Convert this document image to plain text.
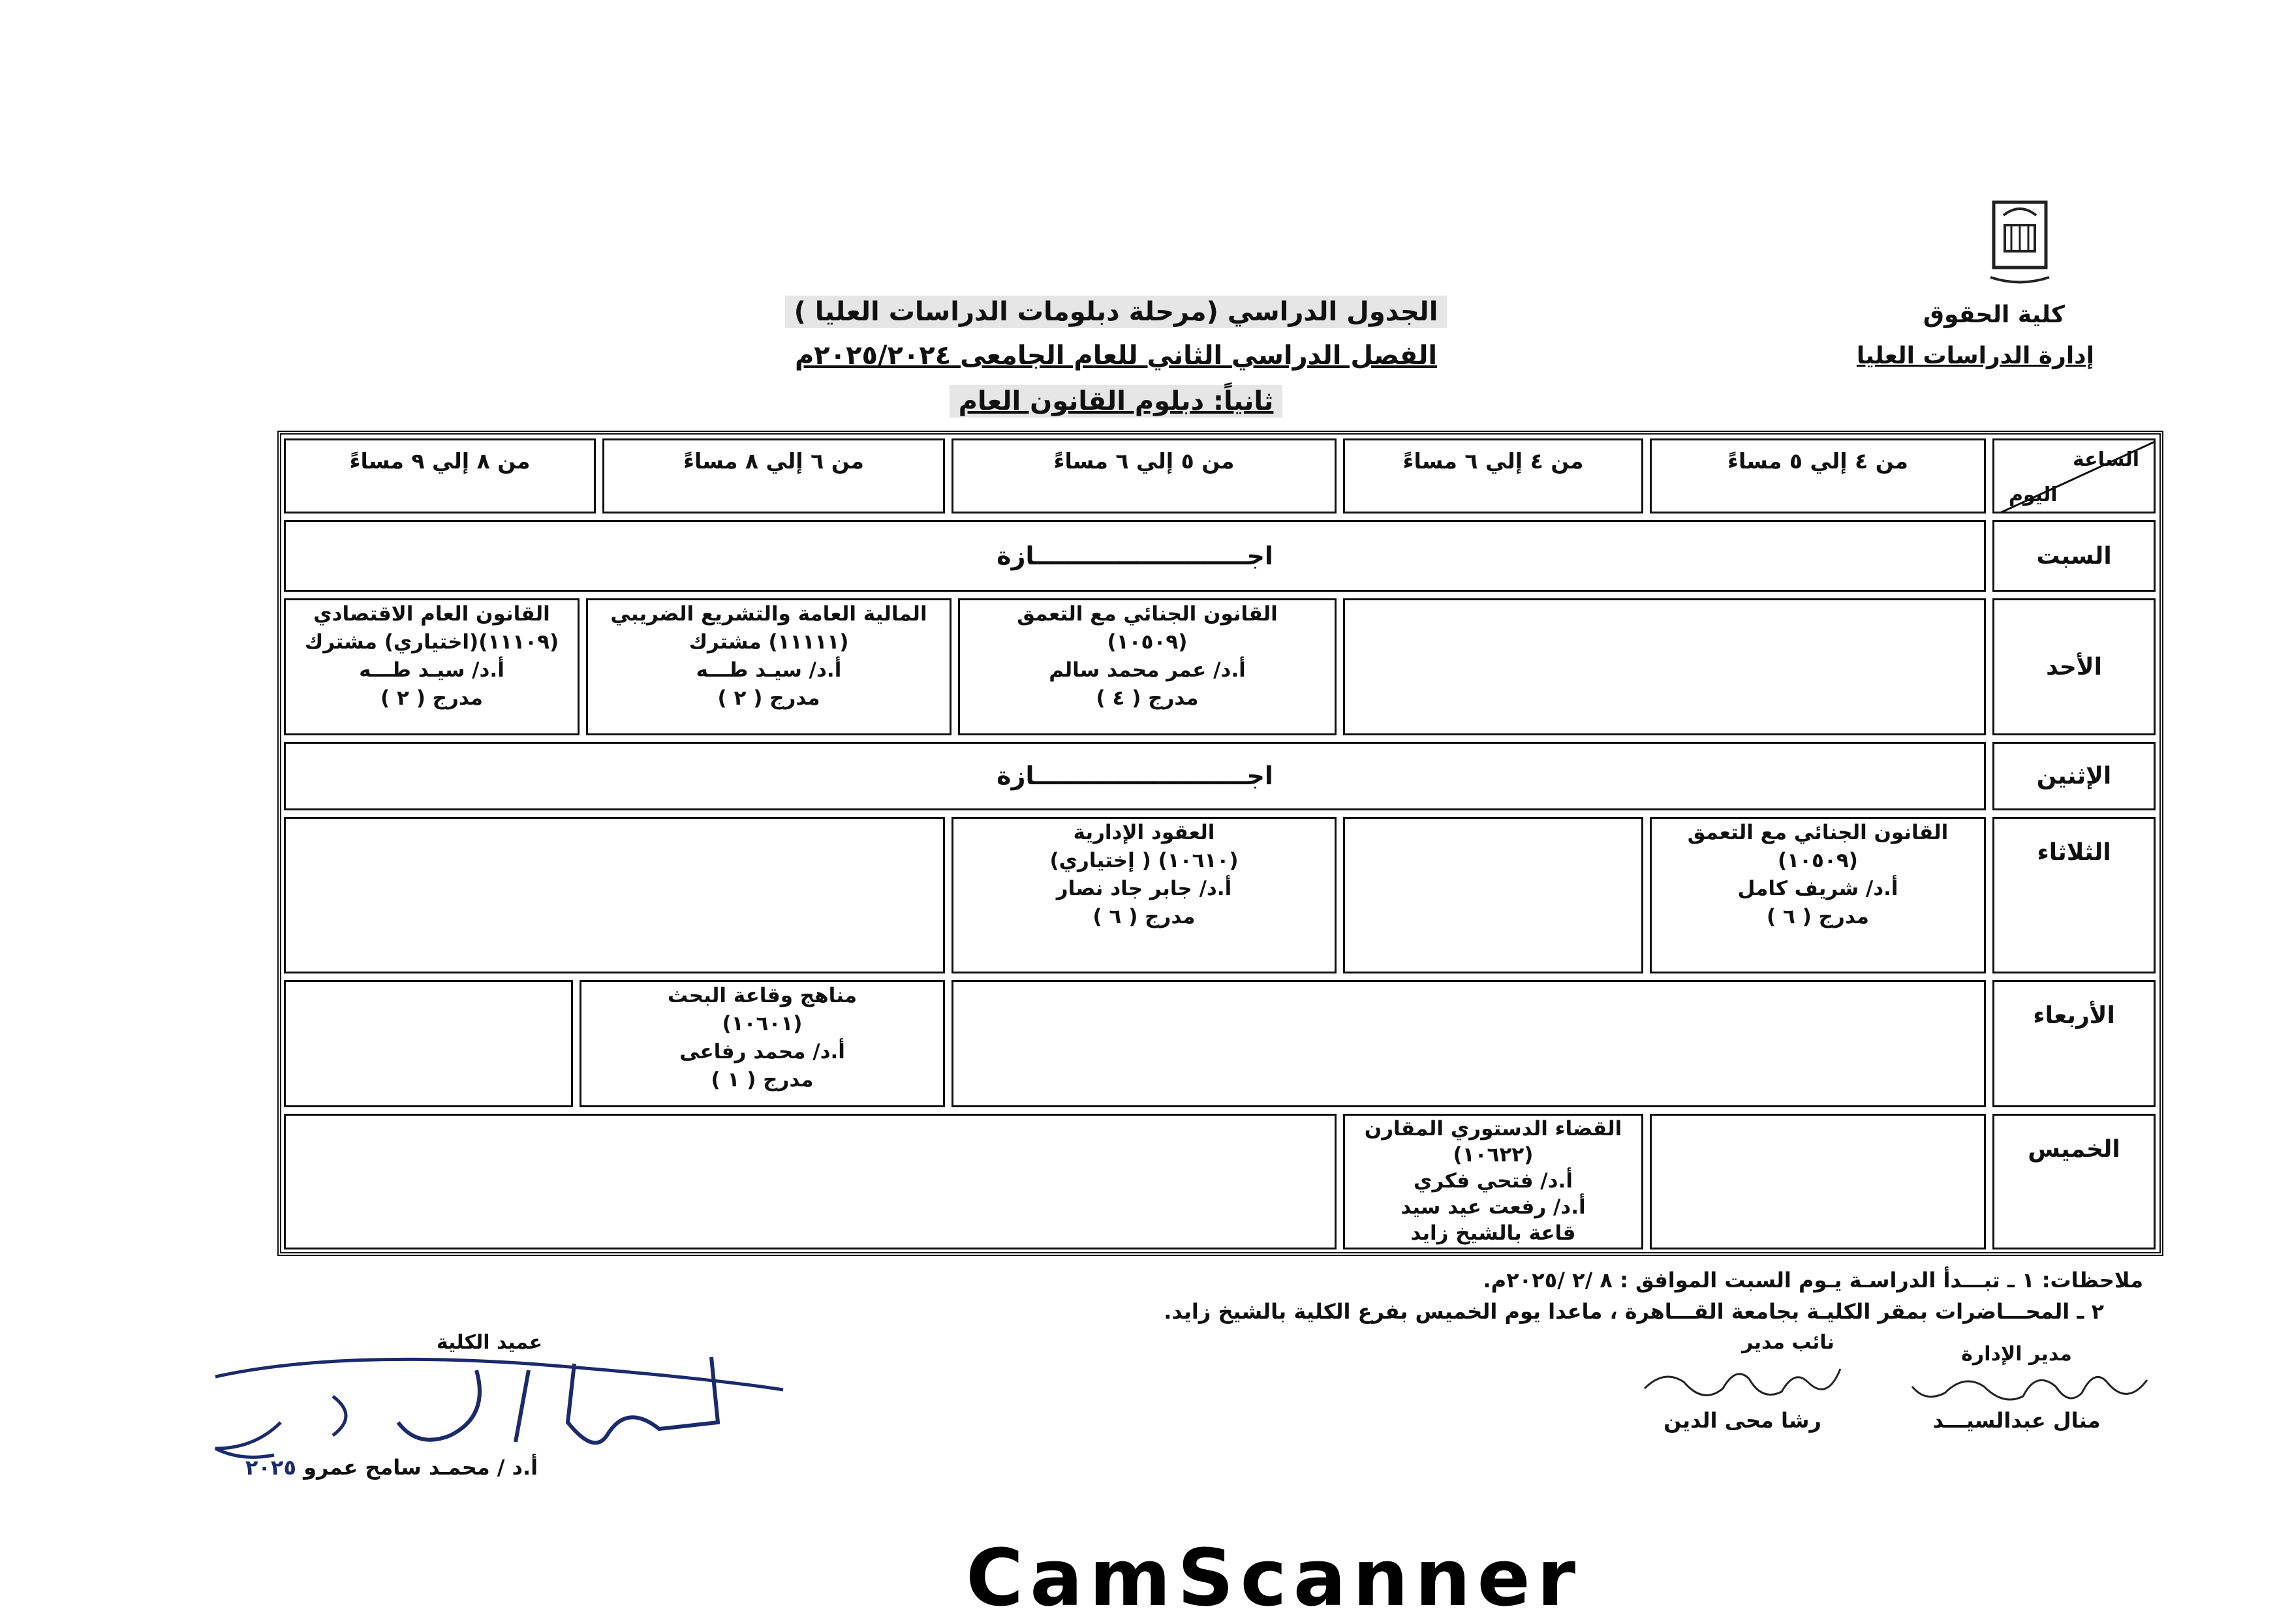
كلية الحقوق
إدارة الدراسات العليا
الجدول الدراسي (مرحلة دبلومات الدراسات العليا )
الفصل الدراسي الثاني للعام الجامعى ٢٠٢٥/٢٠٢٤م
ثانياً: دبلوم القانون العام
الساعة
اليوم
من ٤ إلي ٥ مساءً
من ٤ إلي ٦ مساءً
من ٥ إلي ٦ مساءً
من ٦ إلي ٨ مساءً
من ٨ إلي ٩ مساءً
السبت
اجـــــــــــــــــــــــــازة
الأحد
القانون الجنائي مع التعمق
(١٠٥٠٩)
أ.د/ عمر محمد سالم
مدرج ( ٤ )
المالية العامة والتشريع الضريبي
(١١١١١) مشترك
أ.د/ سيـد طـــه
مدرج ( ٢ )
القانون العام الاقتصادي
(١١١٠٩)(اختياري) مشترك
أ.د/ سيـد طـــه
مدرج ( ٢ )
الإثنين
اجـــــــــــــــــــــــــازة
الثلاثاء
القانون الجنائي مع التعمق
(١٠٥٠٩)
أ.د/ شريف كامل
مدرج ( ٦ )
العقود الإدارية
(١٠٦١٠) ( إختياري)
أ.د/ جابر جاد نصار
مدرج ( ٦ )
الأربعاء
مناهج وقاعة البحث
(١٠٦٠١)
أ.د/ محمد رفاعى
مدرج ( ١ )
الخميس
القضاء الدستوري المقارن
(١٠٦٢٢)
أ.د/ فتحي فكري
أ.د/ رفعت عيد سيد
قاعة بالشيخ زايد
ملاحظات: ١ ـ تبـــدأ الدراسـة يـوم السبت الموافق : ٨ /٢ /٢٠٢٥م.
٢ ـ المحـــاضرات بمقر الكليـة بجامعة القـــاهرة ، ماعدا يوم الخميس بفرع الكلية بالشيخ زايد.
مدير الإدارة
منال عبدالسيـــد
نائب مدير
رشا محى الدين
عميد الكلية
أ.د / محمـد سامح عمرو ٢٠٢٥
CamScanner
